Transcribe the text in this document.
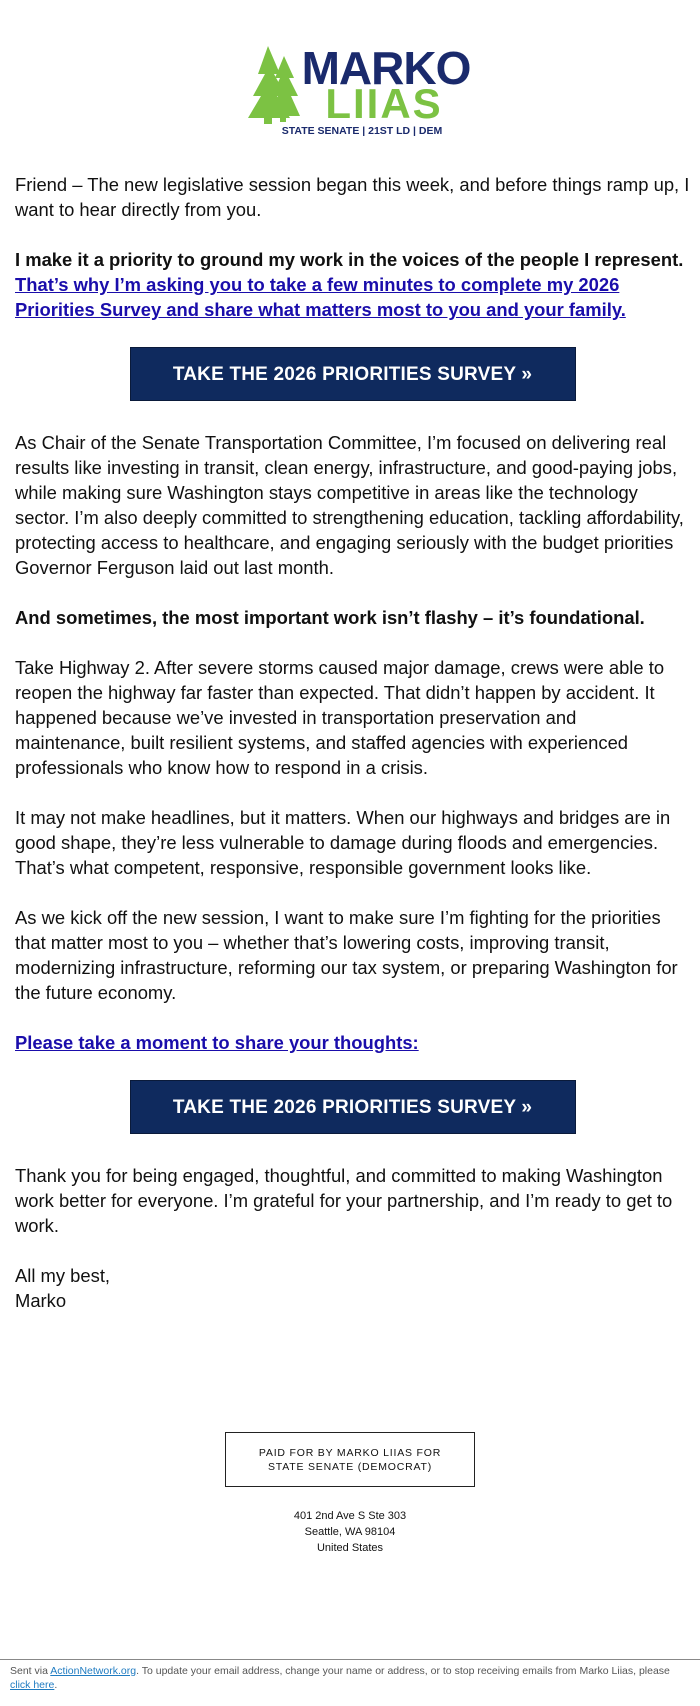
MARKO
LIIAS
STATE SENATE | 21ST LD | DEM

Friend – The new legislative session began this week, and before things ramp up, I want to hear directly from you.

I make it a priority to ground my work in the voices of the people I represent. That’s why I’m asking you to take a few minutes to complete my 2026 Priorities Survey and share what matters most to you and your family.

TAKE THE 2026 PRIORITIES SURVEY »

As Chair of the Senate Transportation Committee, I’m focused on delivering real results like investing in transit, clean energy, infrastructure, and good-paying jobs, while making sure Washington stays competitive in areas like the technology sector. I’m also deeply committed to strengthening education, tackling affordability, protecting access to healthcare, and engaging seriously with the budget priorities Governor Ferguson laid out last month.

And sometimes, the most important work isn’t flashy – it’s foundational.

Take Highway 2. After severe storms caused major damage, crews were able to reopen the highway far faster than expected. That didn’t happen by accident. It happened because we’ve invested in transportation preservation and maintenance, built resilient systems, and staffed agencies with experienced professionals who know how to respond in a crisis.

It may not make headlines, but it matters. When our highways and bridges are in good shape, they’re less vulnerable to damage during floods and emergencies. That’s what competent, responsive, responsible government looks like.

As we kick off the new session, I want to make sure I’m fighting for the priorities that matter most to you – whether that’s lowering costs, improving transit, modernizing infrastructure, reforming our tax system, or preparing Washington for the future economy.

Please take a moment to share your thoughts:

TAKE THE 2026 PRIORITIES SURVEY »

Thank you for being engaged, thoughtful, and committed to making Washington work better for everyone. I’m grateful for your partnership, and I’m ready to get to work.

All my best,
Marko

PAID FOR BY MARKO LIIAS FOR STATE SENATE (DEMOCRAT)
401 2nd Ave S Ste 303
Seattle, WA 98104
United States
Sent via ActionNetwork.org. To update your email address, change your name or address, or to stop receiving emails from Marko Liias, please click here.
